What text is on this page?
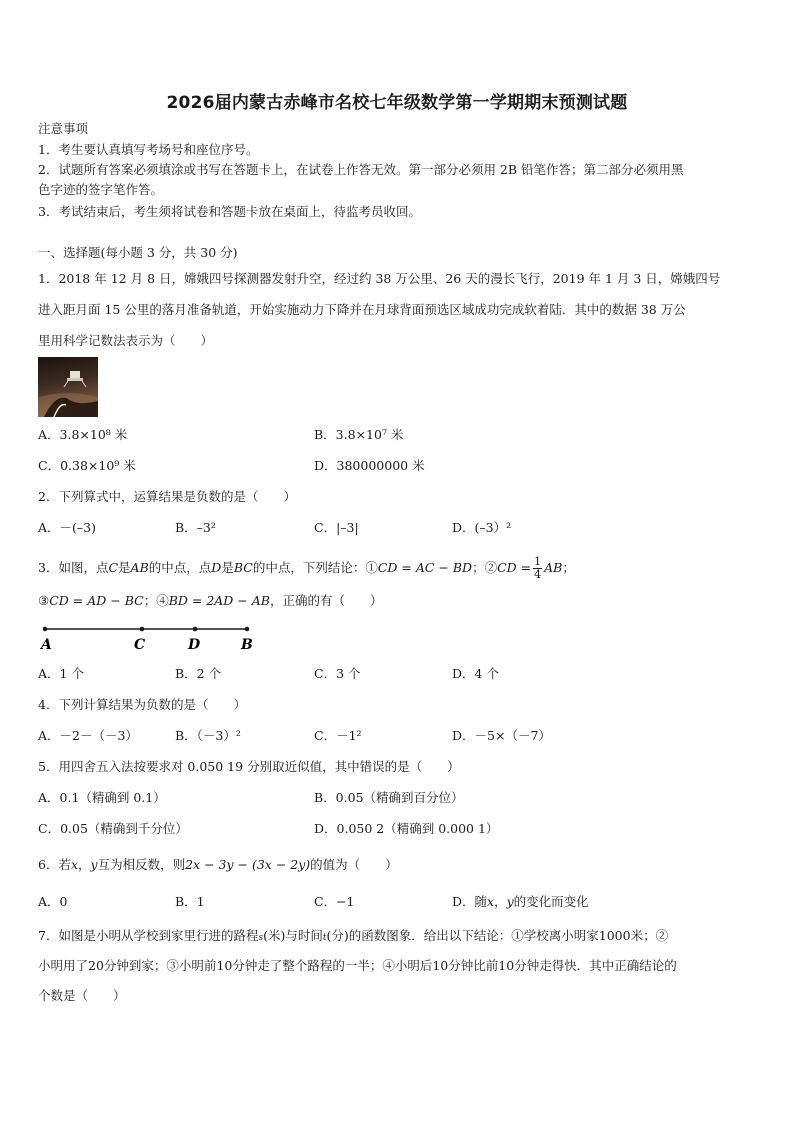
2026届内蒙古赤峰市名校七年级数学第一学期期末预测试题
注意事项
1．考生要认真填写考场号和座位序号。
2．试题所有答案必须填涂或书写在答题卡上，在试卷上作答无效。第一部分必须用 2B 铅笔作答；第二部分必须用黑
色字迹的签字笔作答。
3．考试结束后，考生须将试卷和答题卡放在桌面上，待监考员收回。
一、选择题(每小题 3 分，共 30 分)
1．2018 年 12 月 8 日，嫦娥四号探测器发射升空，经过约 38 万公里、26 天的漫长飞行，2019 年 1 月 3 日，嫦娥四号
进入距月面 15 公里的落月准备轨道，开始实施动力下降并在月球背面预选区域成功完成软着陆．其中的数据 38 万公
里用科学记数法表示为（　　）
A．3.8×10⁸ 米	B．3.8×10⁷ 米
C．0.38×10⁹ 米	D．380000000 米
2．下列算式中，运算结果是负数的是（　　）
A．－(–3)	B．–3²	C．|–3|	D．(–3）²
3．如图，点C是AB的中点，点D是BC的中点，下列结论：①CD = AC − BD；②CD = $\frac{1}{4}$ AB；
③CD = AD − BC；④BD = 2AD − AB，正确的有（　　）
A	C	D	B
A．1 个	B．2 个	C．3 个	D．4 个
4．下列计算结果为负数的是（　　）
A．－2－（－3）	B．（－3）²	C．－1²	D．－5×（－7）
5．用四舍五入法按要求对 0.050 19 分别取近似值，其中错误的是（　　）
A．0.1（精确到 0.1）	B．0.05（精确到百分位）
C．0.05（精确到千分位）	D．0.050 2（精确到 0.000 1）
6．若x，y互为相反数，则2x − 3y − (3x − 2y)的值为（　　）
A．0	B．1	C．−1	D．随x，y的变化而变化
7．如图是小明从学校到家里行进的路程s(米)与时间t(分)的函数图象．给出以下结论：①学校离小明家1000米；②
小明用了20分钟到家；③小明前10分钟走了整个路程的一半；④小明后10分钟比前10分钟走得快．其中正确结论的
个数是（　　）
